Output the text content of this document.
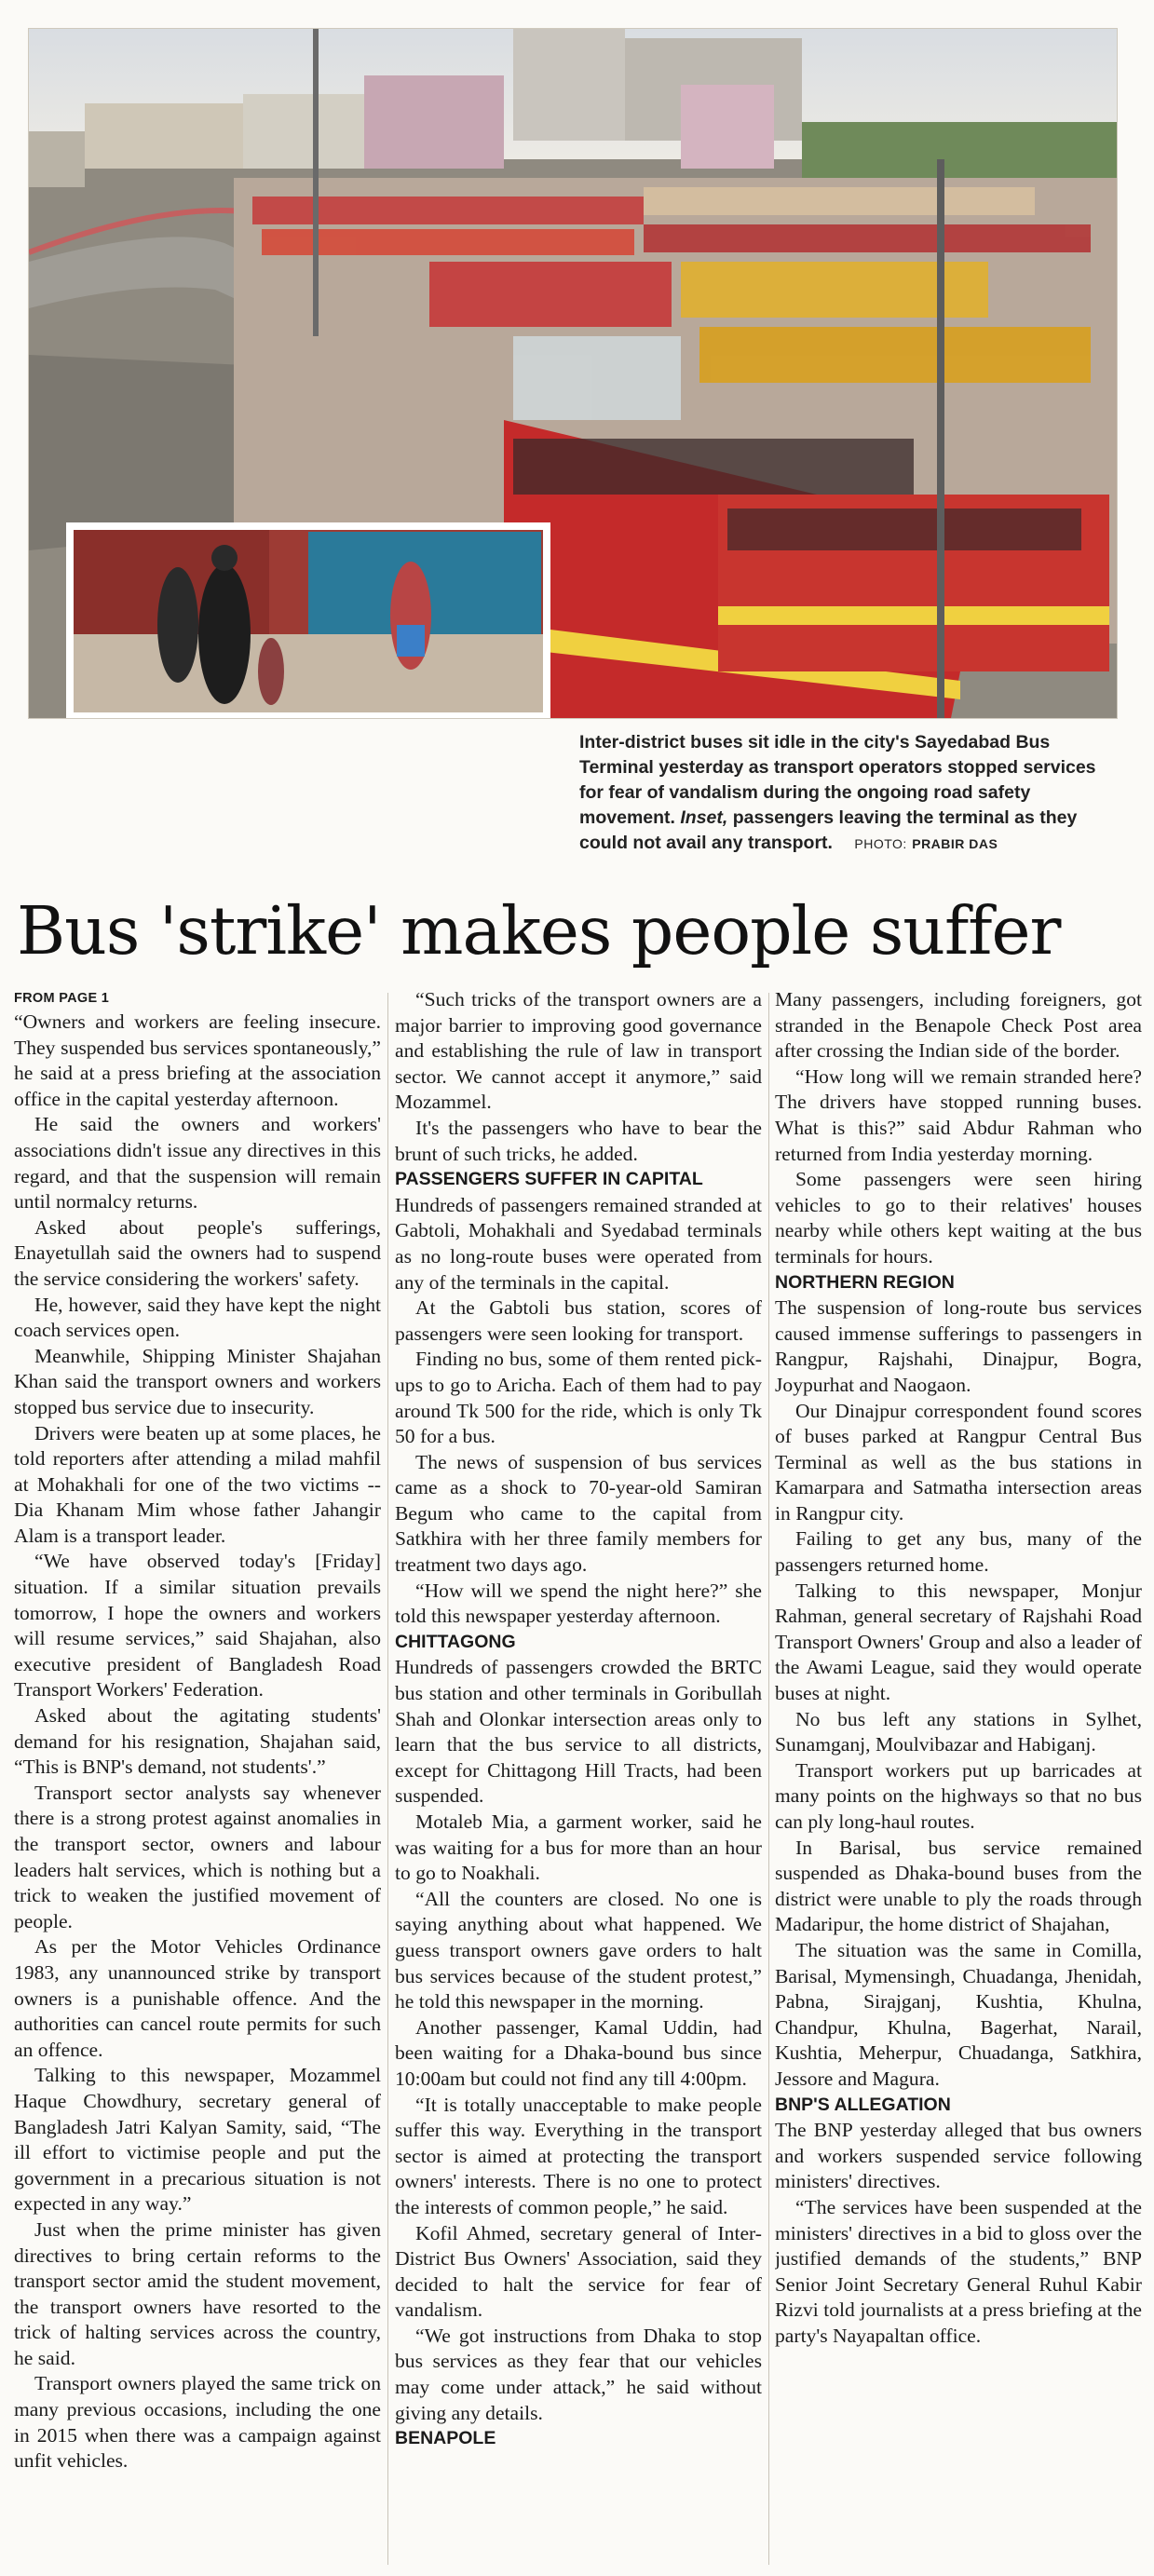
Inter-district buses sit idle in the city's Sayedabad Bus Terminal yesterday as transport operators stopped services for fear of vandalism during the ongoing road safety movement. Inset, passengers leaving the terminal as they could not avail any transport. PHOTO: PRABIR DAS
Bus 'strike' makes people suffer
FROM PAGE 1

“Owners and workers are feeling insecure. They suspended bus services spontaneously,” he said at a press briefing at the association office in the capital yesterday afternoon.

He said the owners and workers' associations didn't issue any directives in this regard, and that the suspension will remain until normalcy returns.

Asked about people's sufferings, Enayetullah said the owners had to suspend the service considering the workers' safety.

He, however, said they have kept the night coach services open.

Meanwhile, Shipping Minister Shajahan Khan said the transport owners and workers stopped bus service due to insecurity.

Drivers were beaten up at some places, he told reporters after attending a milad mahfil at Mohakhali for one of the two victims -- Dia Khanam Mim whose father Jahangir Alam is a transport leader.

“We have observed today's [Friday] situation. If a similar situation prevails tomorrow, I hope the owners and workers will resume services,” said Shajahan, also executive president of Bangladesh Road Transport Workers' Federation.

Asked about the agitating students' demand for his resignation, Shajahan said, “This is BNP's demand, not students'.”

Transport sector analysts say whenever there is a strong protest against anomalies in the transport sector, owners and labour leaders halt services, which is nothing but a trick to weaken the justified movement of people.

As per the Motor Vehicles Ordinance 1983, any unannounced strike by transport owners is a punishable offence. And the authorities can cancel route permits for such an offence.

Talking to this newspaper, Mozammel Haque Chowdhury, secretary general of Bangladesh Jatri Kalyan Samity, said, “The ill effort to victimise people and put the government in a precarious situation is not expected in any way.”

Just when the prime minister has given directives to bring certain reforms to the transport sector amid the student movement, the transport owners have resorted to the trick of halting services across the country, he said.

Transport owners played the same trick on many previous occasions, including the one in 2015 when there was a campaign against unfit vehicles.

“Such tricks of the transport owners are a major barrier to improving good governance and establishing the rule of law in transport sector. We cannot accept it anymore,” said Mozammel.

It's the passengers who have to bear the brunt of such tricks, he added.

PASSENGERS SUFFER IN CAPITAL

Hundreds of passengers remained stranded at Gabtoli, Mohakhali and Syedabad terminals as no long-route buses were operated from any of the terminals in the capital.

At the Gabtoli bus station, scores of passengers were seen looking for transport.

Finding no bus, some of them rented pick-ups to go to Aricha. Each of them had to pay around Tk 500 for the ride, which is only Tk 50 for a bus.

The news of suspension of bus services came as a shock to 70-year-old Samiran Begum who came to the capital from Satkhira with her three family members for treatment two days ago.

“How will we spend the night here?” she told this newspaper yesterday afternoon.

CHITTAGONG

Hundreds of passengers crowded the BRTC bus station and other terminals in Goribullah Shah and Olonkar intersection areas only to learn that the bus service to all districts, except for Chittagong Hill Tracts, had been suspended.

Motaleb Mia, a garment worker, said he was waiting for a bus for more than an hour to go to Noakhali.

“All the counters are closed. No one is saying anything about what happened. We guess transport owners gave orders to halt bus services because of the student protest,” he told this newspaper in the morning.

Another passenger, Kamal Uddin, had been waiting for a Dhaka-bound bus since 10:00am but could not find any till 4:00pm.

“It is totally unacceptable to make people suffer this way. Everything in the transport sector is aimed at protecting the transport owners' interests. There is no one to protect the interests of common people,” he said.

Kofil Ahmed, secretary general of Inter-District Bus Owners' Association, said they decided to halt the service for fear of vandalism.

“We got instructions from Dhaka to stop bus services as they fear that our vehicles may come under attack,” he said without giving any details.

BENAPOLE

Many passengers, including foreigners, got stranded in the Benapole Check Post area after crossing the Indian side of the border.

“How long will we remain stranded here? The drivers have stopped running buses. What is this?” said Abdur Rahman who returned from India yesterday morning.

Some passengers were seen hiring vehicles to go to their relatives' houses nearby while others kept waiting at the bus terminals for hours.

NORTHERN REGION

The suspension of long-route bus services caused immense sufferings to passengers in Rangpur, Rajshahi, Dinajpur, Bogra, Joypurhat and Naogaon.

Our Dinajpur correspondent found scores of buses parked at Rangpur Central Bus Terminal as well as the bus stations in Kamarpara and Satmatha intersection areas in Rangpur city.

Failing to get any bus, many of the passengers returned home.

Talking to this newspaper, Monjur Rahman, general secretary of Rajshahi Road Transport Owners' Group and also a leader of the Awami League, said they would operate buses at night.

No bus left any stations in Sylhet, Sunamganj, Moulvibazar and Habiganj.

Transport workers put up barricades at many points on the highways so that no bus can ply long-haul routes.

In Barisal, bus service remained suspended as Dhaka-bound buses from the district were unable to ply the roads through Madaripur, the home district of Shajahan,

The situation was the same in Comilla, Barisal, Mymensingh, Chuadanga, Jhenidah, Pabna, Sirajganj, Kushtia, Khulna, Chandpur, Khulna, Bagerhat, Narail, Kushtia, Meherpur, Chuadanga, Satkhira, Jessore and Magura.

BNP'S ALLEGATION

The BNP yesterday alleged that bus owners and workers suspended service following ministers' directives.

“The services have been suspended at the ministers' directives in a bid to gloss over the justified demands of the students,” BNP Senior Joint Secretary General Ruhul Kabir Rizvi told journalists at a press briefing at the party's Nayapaltan office.
